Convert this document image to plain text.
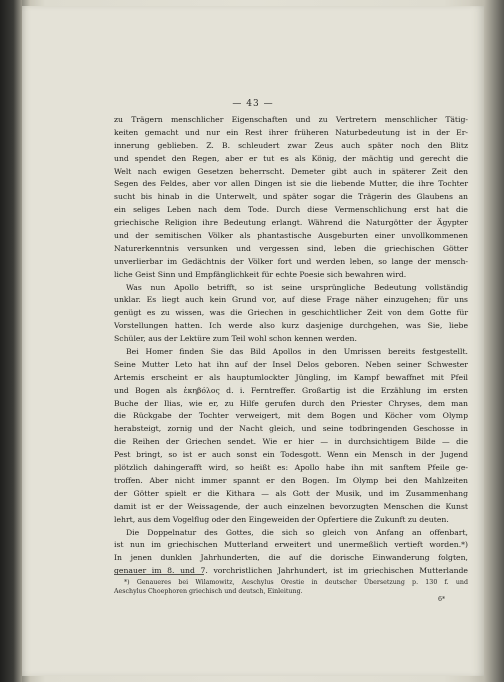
— 43 —
zu Trägern menschlicher Eigenschaften und zu Vertretern menschlicher Tätig-
keiten gemacht und nur ein Rest ihrer früheren Naturbedeutung ist in der Er-
innerung geblieben. Z. B. schleudert zwar Zeus auch später noch den Blitz
und spendet den Regen, aber er tut es als König, der mächtig und gerecht die
Welt nach ewigen Gesetzen beherrscht. Demeter gibt auch in späterer Zeit den
Segen des Feldes, aber vor allen Dingen ist sie die liebende Mutter, die ihre Tochter
sucht bis hinab in die Unterwelt, und später sogar die Trägerin des Glaubens an
ein seliges Leben nach dem Tode. Durch diese Vermenschlichung erst hat die
griechische Religion ihre Bedeutung erlangt. Während die Naturgötter der Ägypter
und der semitischen Völker als phantastische Ausgeburten einer unvollkommenen
Naturerkenntnis versunken und vergessen sind, leben die griechischen Götter
unverlierbar im Gedächtnis der Völker fort und werden leben, so lange der mensch-
liche Geist Sinn und Empfänglichkeit für echte Poesie sich bewahren wird.
Was nun Apollo betrifft, so ist seine ursprüngliche Bedeutung vollständig
unklar. Es liegt auch kein Grund vor, auf diese Frage näher einzugehen; für uns
genügt es zu wissen, was die Griechen in geschichtlicher Zeit von dem Gotte für
Vorstellungen hatten. Ich werde also kurz dasjenige durchgehen, was Sie, liebe
Schüler, aus der Lektüre zum Teil wohl schon kennen werden.
Bei Homer finden Sie das Bild Apollos in den Umrissen bereits festgestellt.
Seine Mutter Leto hat ihn auf der Insel Delos geboren. Neben seiner Schwester
Artemis erscheint er als hauptumlockter Jüngling, im Kampf bewaffnet mit Pfeil
und Bogen als ἑκηβόλος d. i. Ferntreffer. Großartig ist die Erzählung im ersten
Buche der Ilias, wie er, zu Hilfe gerufen durch den Priester Chryses, dem man
die Rückgabe der Tochter verweigert, mit dem Bogen und Köcher vom Olymp
herabsteigt, zornig und der Nacht gleich, und seine todbringenden Geschosse in
die Reihen der Griechen sendet. Wie er hier — in durchsichtigem Bilde — die
Pest bringt, so ist er auch sonst ein Todesgott. Wenn ein Mensch in der Jugend
plötzlich dahingerafft wird, so heißt es: Apollo habe ihn mit sanftem Pfeile ge-
troffen. Aber nicht immer spannt er den Bogen. Im Olymp bei den Mahlzeiten
der Götter spielt er die Kithara — als Gott der Musik, und im Zusammenhang
damit ist er der Weissagende, der auch einzelnen bevorzugten Menschen die Kunst
lehrt, aus dem Vogelflug oder den Eingeweiden der Opfertiere die Zukunft zu deuten.
Die Doppelnatur des Gottes, die sich so gleich von Anfang an offenbart,
ist nun im griechischen Mutterland erweitert und unermeßlich vertieft worden.*)
In jenen dunklen Jahrhunderten, die auf die dorische Einwanderung folgten,
genauer im 8. und 7. vorchristlichen Jahrhundert, ist im griechischen Mutterlande
*) Genaueres bei Wilamowitz, Aeschylus Orestie in deutscher Übersetzung p. 130 f. und
Aeschylus Choephoren griechisch und deutsch, Einleitung.
6*
